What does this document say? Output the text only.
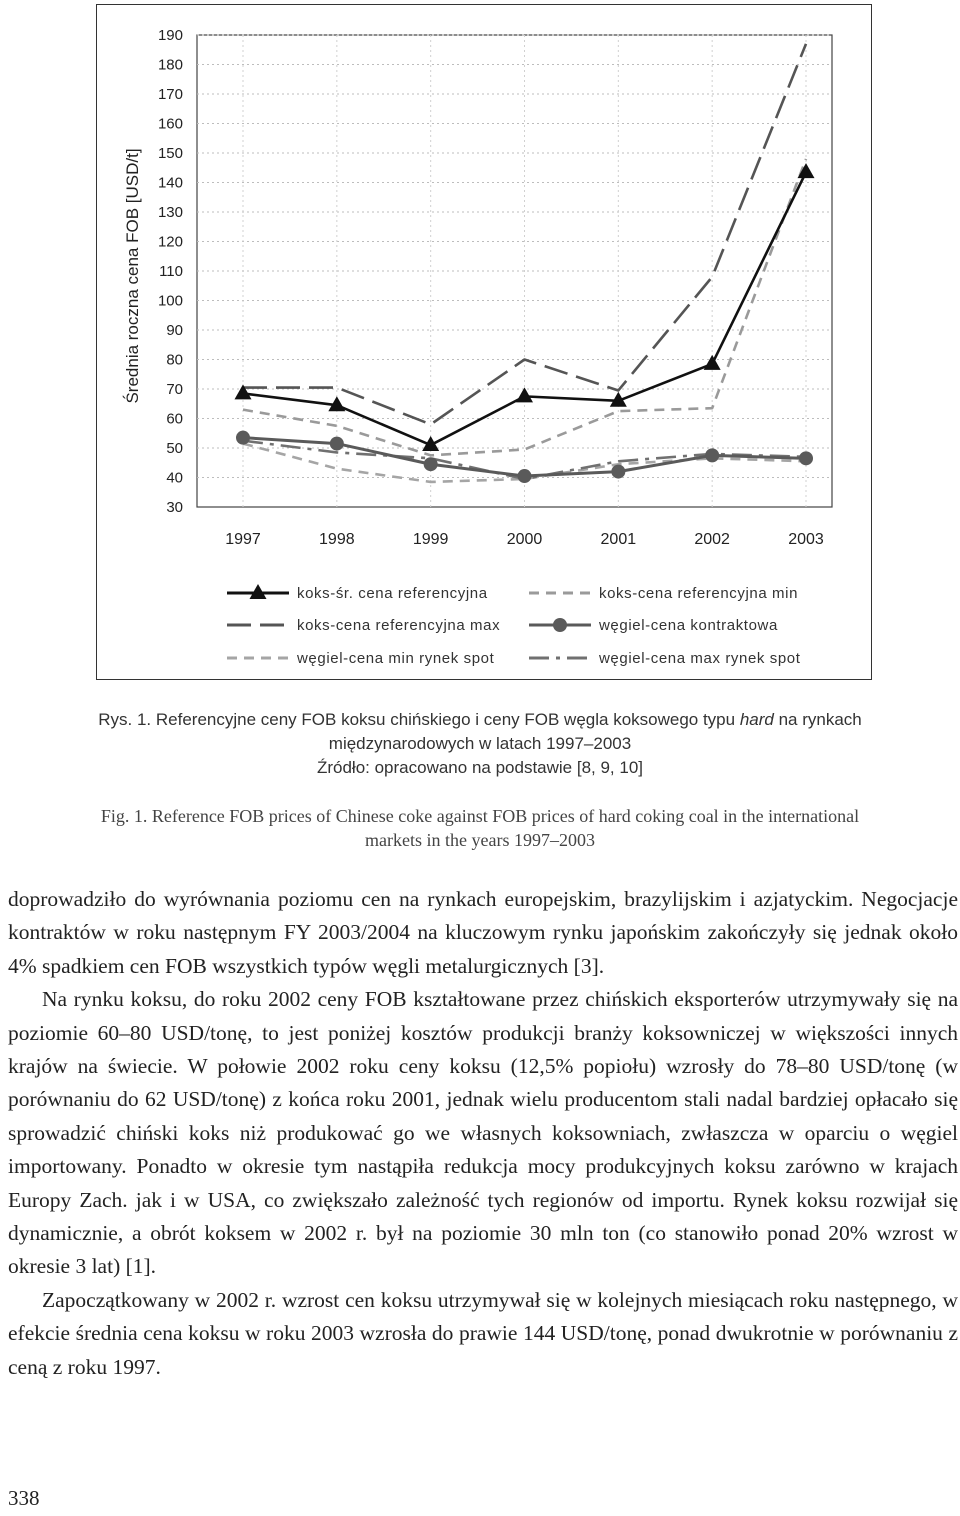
30
40
50
60
70
80
90
100
110
120
130
140
150
160
170
180
190
1997	1998	1999	2000	2001	2002	2003
Średnia roczna cena FOB [USD/t]
koks-śr. cena referencyjna	koks-cena referencyjna min
koks-cena referencyjna max	węgiel-cena kontraktowa
węgiel-cena min rynek spot	węgiel-cena max rynek spot
Rys. 1. Referencyjne ceny FOB koksu chińskiego i ceny FOB węgla koksowego typu hard na rynkach
międzynarodowych w latach 1997–2003
Źródło: opracowano na podstawie [8, 9, 10]
Fig. 1. Reference FOB prices of Chinese coke against FOB prices of hard coking coal in the international
markets in the years 1997–2003

doprowadziło do wyrównania poziomu cen na rynkach europejskim, brazylijskim i azjatyckim. Negocjacje kontraktów w roku następnym FY 2003/2004 na kluczowym rynku japońskim zakończyły się jednak około 4% spadkiem cen FOB wszystkich typów węgli metalurgicznych [3].

Na rynku koksu, do roku 2002 ceny FOB kształtowane przez chińskich eksporterów utrzymywały się na poziomie 60–80 USD/tonę, to jest poniżej kosztów produkcji branży koksowniczej w większości innych krajów na świecie. W połowie 2002 roku ceny koksu (12,5% popiołu) wzrosły do 78–80 USD/tonę (w porównaniu do 62 USD/tonę) z końca roku 2001, jednak wielu producentom stali nadal bardziej opłacało się sprowadzić chiński koks niż produkować go we własnych koksowniach, zwłaszcza w oparciu o węgiel importowany. Ponadto w okresie tym nastąpiła redukcja mocy produkcyjnych koksu zarówno w krajach Europy Zach. jak i w USA, co zwiększało zależność tych regionów od importu. Rynek koksu rozwijał się dynamicznie, a obrót koksem w 2002 r. był na poziomie 30 mln ton (co stanowiło ponad 20% wzrost w okresie 3 lat) [1].

Zapoczątkowany w 2002 r. wzrost cen koksu utrzymywał się w kolejnych miesiącach roku następnego, w efekcie średnia cena koksu w roku 2003 wzrosła do prawie 144 USD/tonę, ponad dwukrotnie w porównaniu z ceną z roku 1997.

338
